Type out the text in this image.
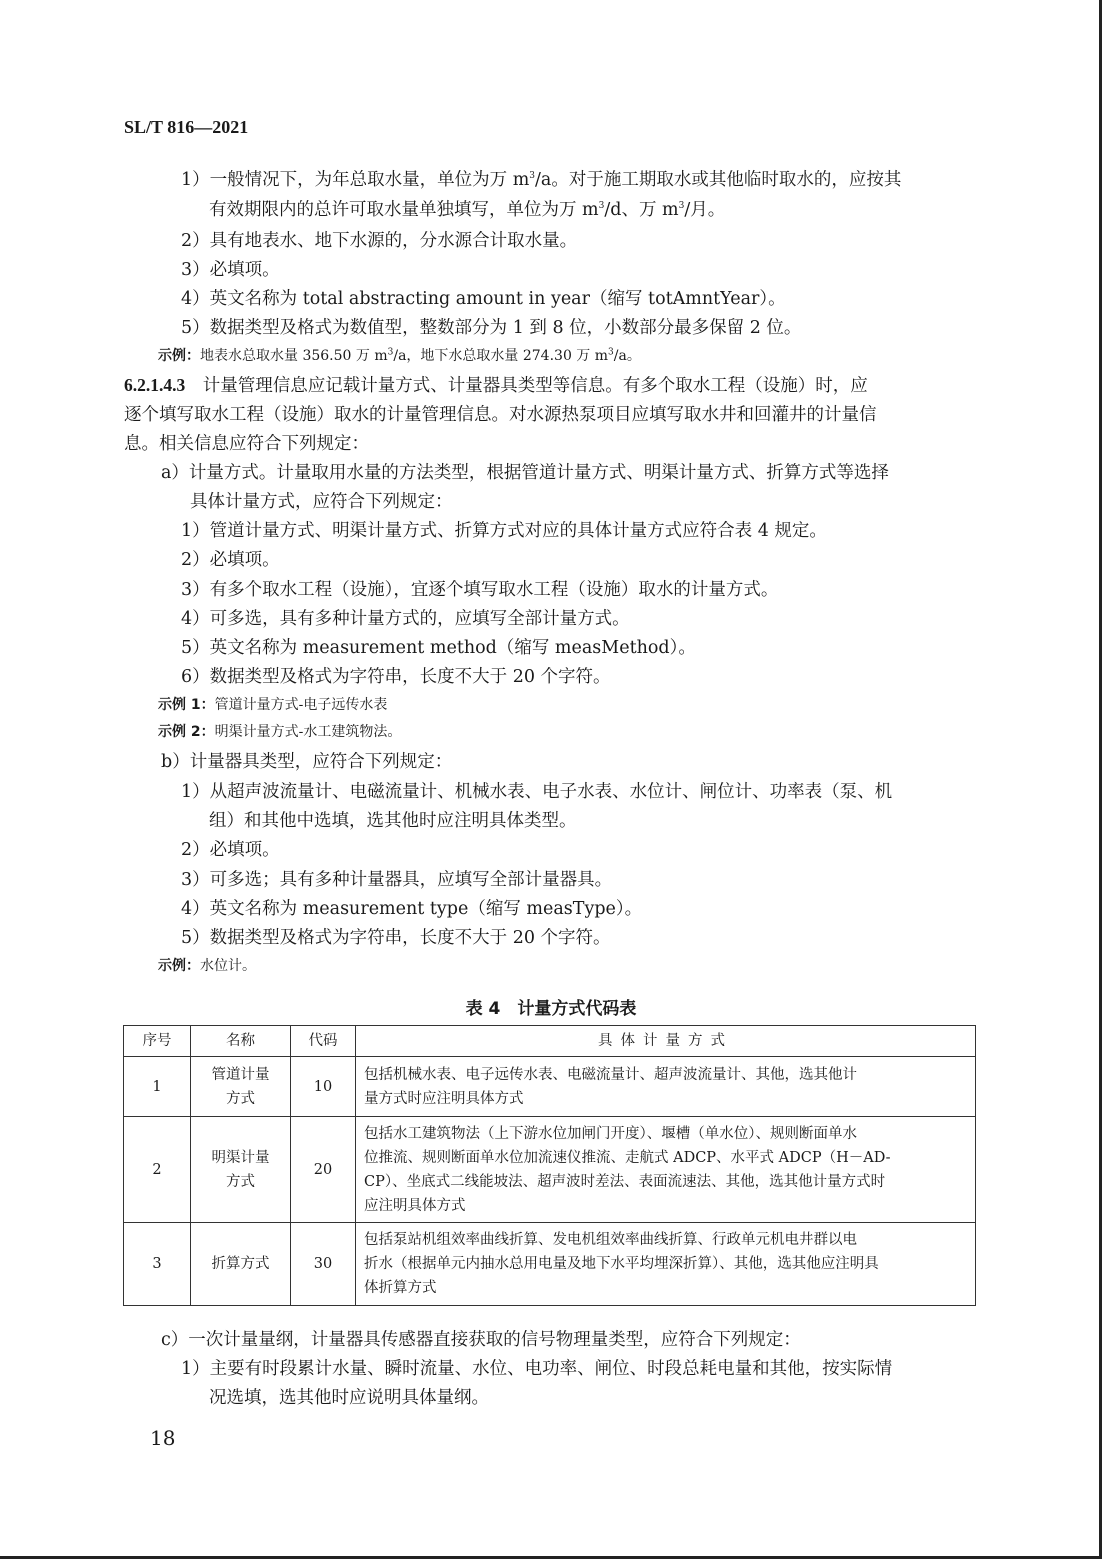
SL/T 816—2021
1）一般情况下，为年总取水量，单位为万 $m^3/a$。对于施工期取水或其他临时取水的，应按其
有效期限内的总许可取水量单独填写，单位为万 $m^3/d$、万 $m^3/$月。
2）具有地表水、地下水源的，分水源合计取水量。
3）必填项。
4）英文名称为 total abstracting amount in year（缩写 totAmntYear）。
5）数据类型及格式为数值型，整数部分为 1 到 8 位，小数部分最多保留 2 位。
示例：地表水总取水量 356.50 万 $m^3/a$，地下水总取水量 274.30 万 $m^3/a$。
6.2.1.4.3　 计量管理信息应记载计量方式、计量器具类型等信息。有多个取水工程（设施）时，应
逐个填写取水工程（设施）取水的计量管理信息。对水源热泵项目应填写取水井和回灌井的计量信
息。相关信息应符合下列规定：
a）计量方式。计量取用水量的方法类型，根据管道计量方式、明渠计量方式、折算方式等选择
具体计量方式，应符合下列规定：
1）管道计量方式、明渠计量方式、折算方式对应的具体计量方式应符合表 4 规定。
2）必填项。
3）有多个取水工程（设施），宜逐个填写取水工程（设施）取水的计量方式。
4）可多选，具有多种计量方式的，应填写全部计量方式。
5）英文名称为 measurement method（缩写 measMethod）。
6）数据类型及格式为字符串，长度不大于 20 个字符。
示例 1：管道计量方式-电子远传水表
示例 2：明渠计量方式-水工建筑物法。
b）计量器具类型，应符合下列规定：
1）从超声波流量计、电磁流量计、机械水表、电子水表、水位计、闸位计、功率表（泵、机
组）和其他中选填，选其他时应注明具体类型。
2）必填项。
3）可多选；具有多种计量器具，应填写全部计量器具。
4）英文名称为 measurement type（缩写 measType）。
5）数据类型及格式为字符串，长度不大于 20 个字符。
示例：水位计。
表 4　计量方式代码表
序号	名称	代码	具体计量方式
1	管道计量
方式	10	包括机械水表、电子远传水表、电磁流量计、超声波流量计、其他，选其他计
量方式时应注明具体方式
2	明渠计量
方式	20	包括水工建筑物法（上下游水位加闸门开度）、堰槽（单水位）、规则断面单水
位推流、规则断面单水位加流速仪推流、走航式 ADCP、水平式 ADCP（H－AD-
CP）、坐底式二线能坡法、超声波时差法、表面流速法、其他，选其他计量方式时
应注明具体方式
3	折算方式	30	包括泵站机组效率曲线折算、发电机组效率曲线折算、行政单元机电井群以电
折水（根据单元内抽水总用电量及地下水平均埋深折算）、其他，选其他应注明具
体折算方式
c）一次计量量纲，计量器具传感器直接获取的信号物理量类型，应符合下列规定：
1）主要有时段累计水量、瞬时流量、水位、电功率、闸位、时段总耗电量和其他，按实际情
况选填，选其他时应说明具体量纲。
18
